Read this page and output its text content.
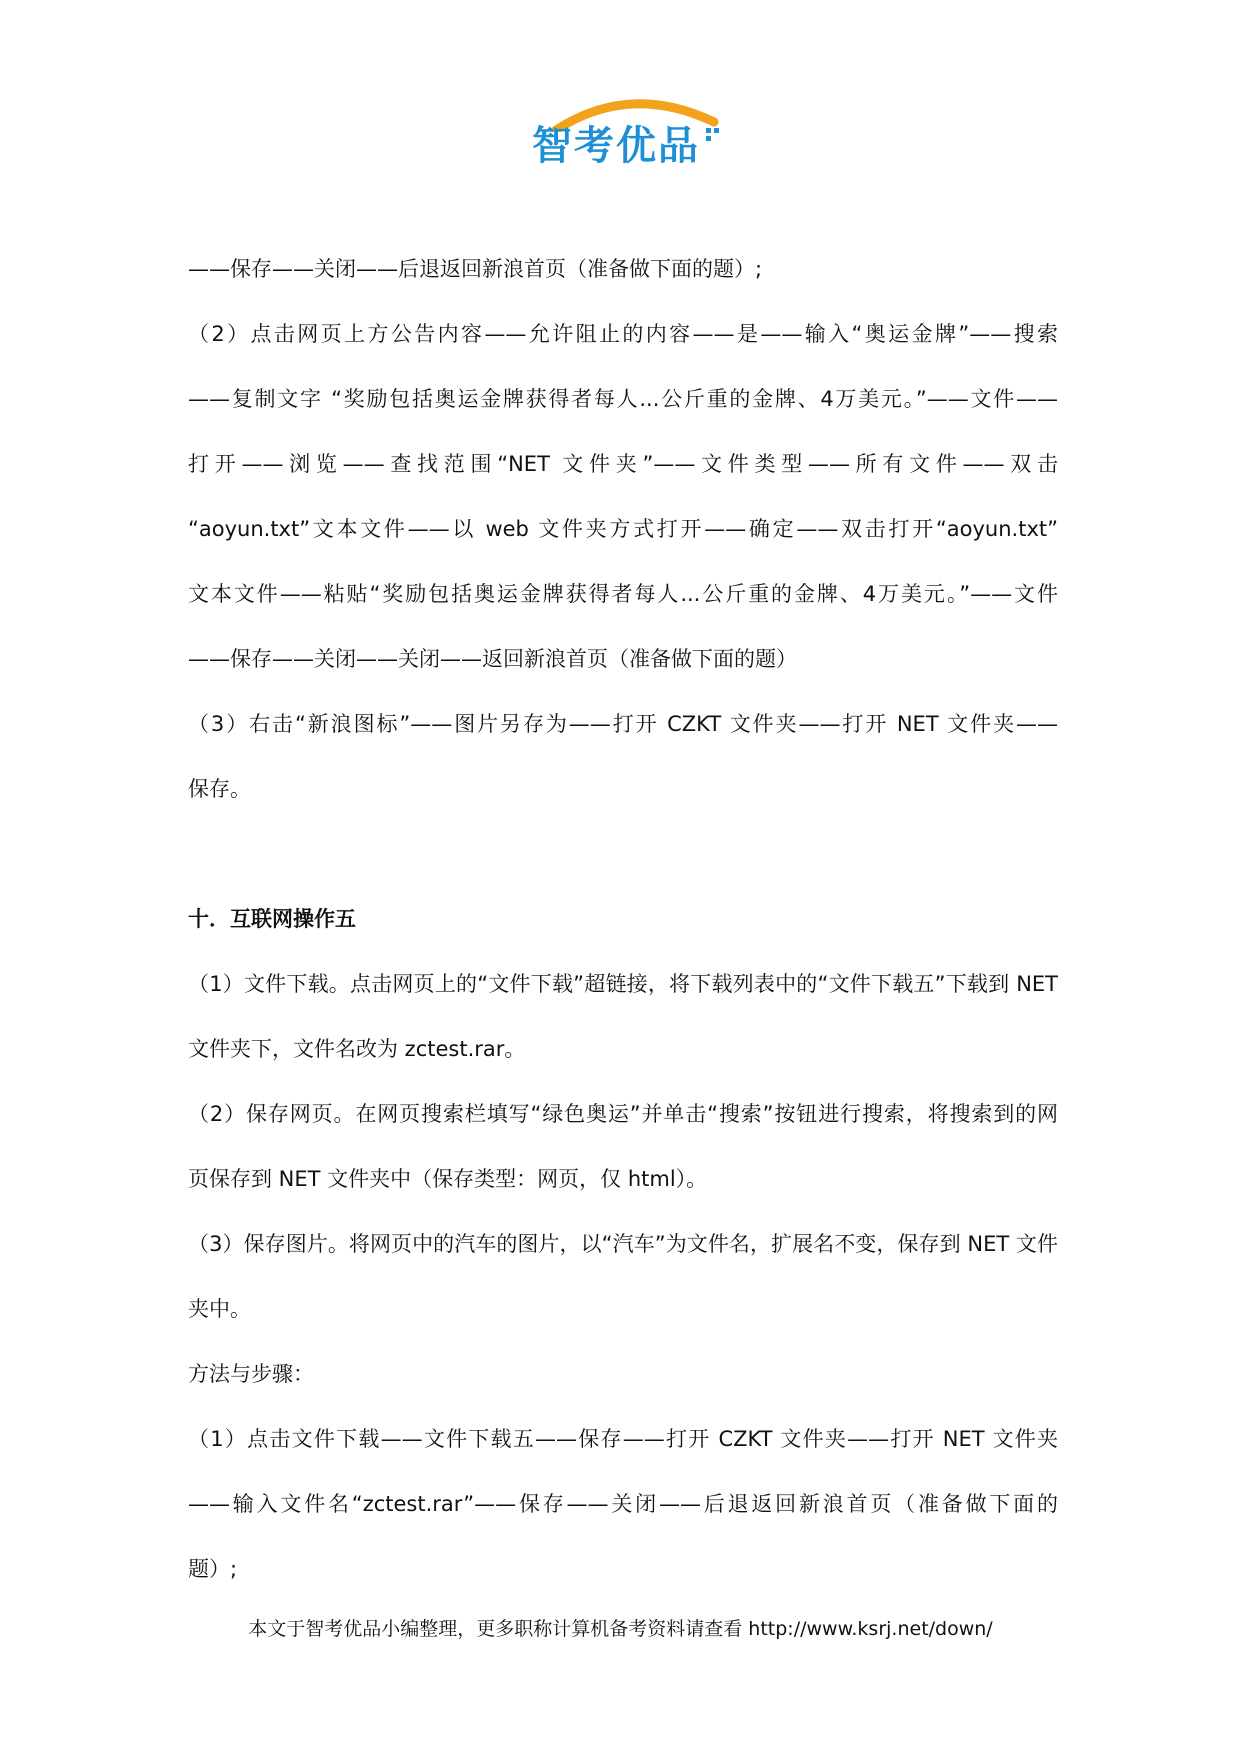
智考优品
——保存——关闭——后退返回新浪首页（准备做下面的题）;
（2）点击网页上方公告内容——允许阻止的内容——是——输入“奥运金牌”——搜索
——复制文字 “奖励包括奥运金牌获得者每人...公斤重的金牌、4万美元。”——文件——
打开——浏览——查找范围“NET 文件夹”——文件类型——所有文件——双击
“aoyun.txt”文本文件——以 web 文件夹方式打开——确定——双击打开“aoyun.txt”
文本文件——粘贴“奖励包括奥运金牌获得者每人...公斤重的金牌、4万美元。”——文件
——保存——关闭——关闭——返回新浪首页（准备做下面的题）
（3）右击“新浪图标”——图片另存为——打开 CZKT 文件夹——打开 NET 文件夹——
保存。
十．互联网操作五
（1）文件下载。点击网页上的“文件下载”超链接，将下载列表中的“文件下载五”下载到 NET
文件夹下，文件名改为 zctest.rar。
（2）保存网页。在网页搜索栏填写“绿色奥运”并单击“搜索”按钮进行搜索，将搜索到的网
页保存到 NET 文件夹中（保存类型：网页，仅 html）。
（3）保存图片。将网页中的汽车的图片，以“汽车”为文件名，扩展名不变，保存到 NET 文件
夹中。
方法与步骤：
（1）点击文件下载——文件下载五——保存——打开 CZKT 文件夹——打开 NET 文件夹
——输入文件名“zctest.rar”——保存——关闭——后退返回新浪首页（准备做下面的
题）;
本文于智考优品小编整理，更多职称计算机备考资料请查看 http://www.ksrj.net/down/
